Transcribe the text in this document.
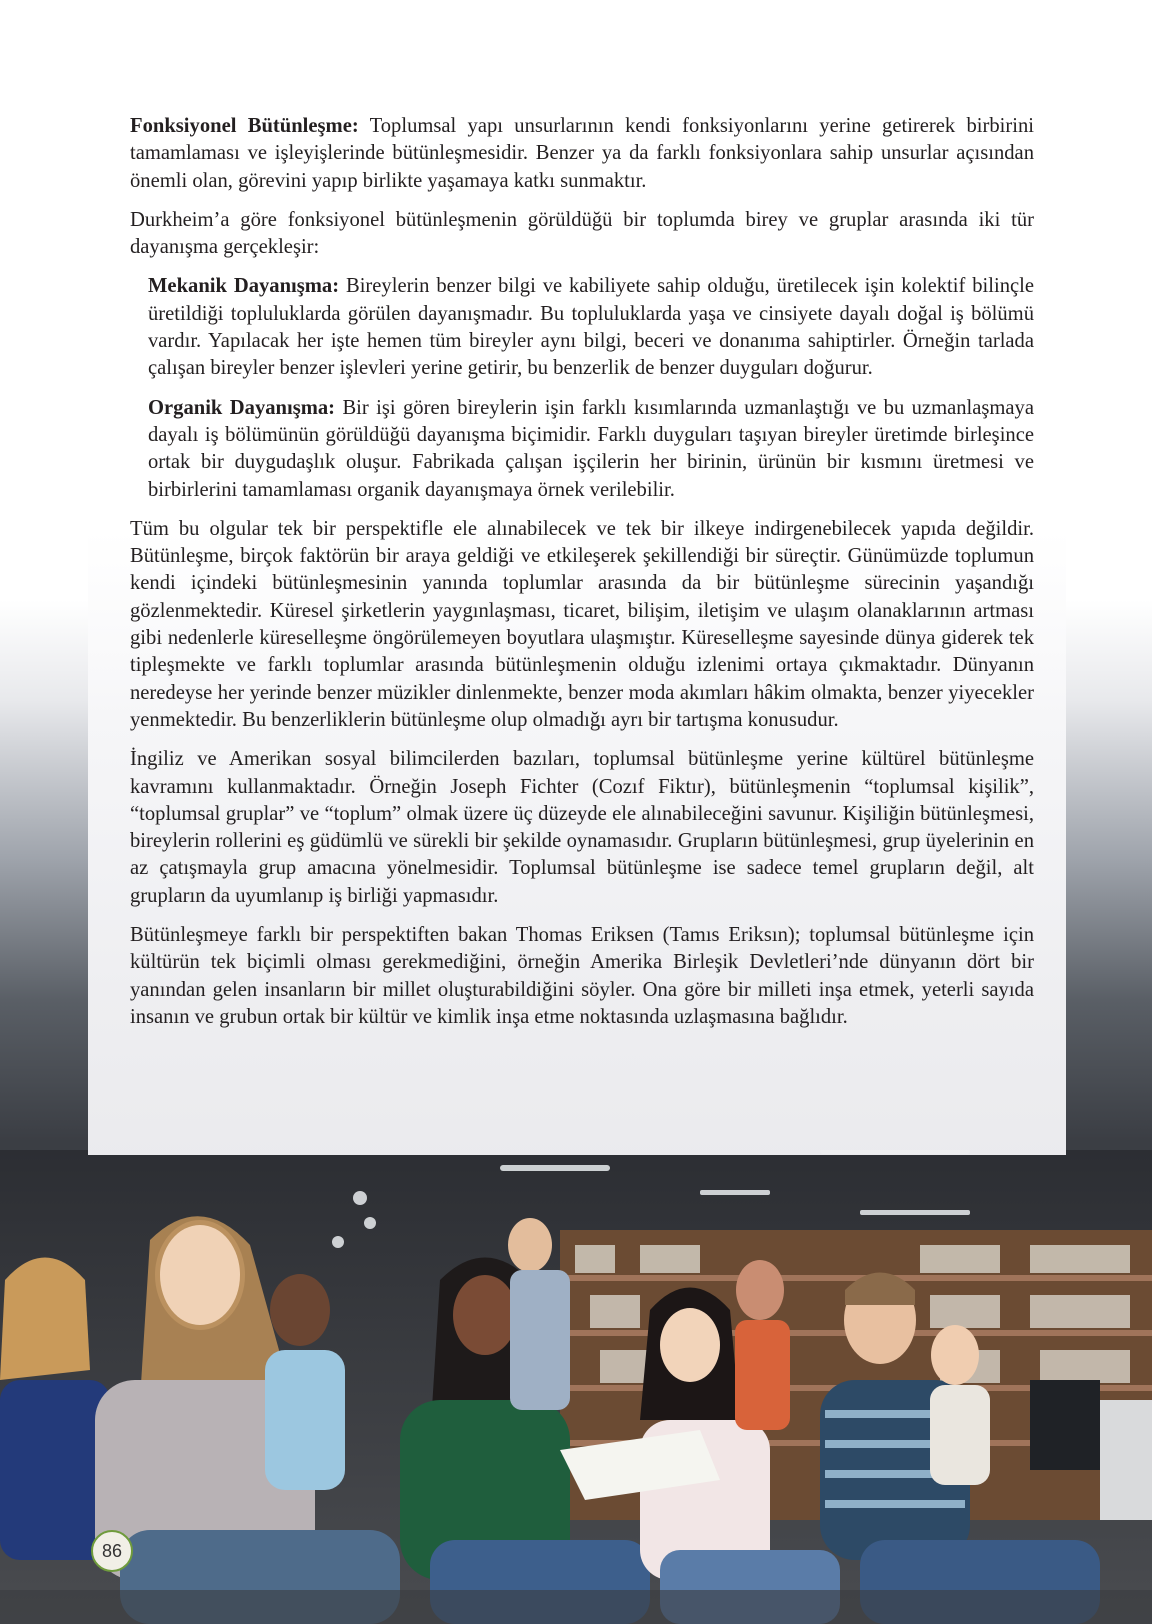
Fonksiyonel Bütünleşme: Toplumsal yapı unsurlarının kendi fonksiyonlarını yerine getirerek birbirini tamamlaması ve işleyişlerinde bütünleşmesidir. Benzer ya da farklı fonksiyonlara sahip unsurlar açısından önemli olan, görevini yapıp birlikte yaşamaya katkı sunmaktır.

Durkheim’a göre fonksiyonel bütünleşmenin görüldüğü bir toplumda birey ve gruplar arasında iki tür dayanışma gerçekleşir:

Mekanik Dayanışma: Bireylerin benzer bilgi ve kabiliyete sahip olduğu, üretilecek işin kolektif bilinçle üretildiği topluluklarda görülen dayanışmadır. Bu topluluklarda yaşa ve cinsiyete dayalı doğal iş bölümü vardır. Yapılacak her işte hemen tüm bireyler aynı bilgi, beceri ve donanıma sahiptirler. Örneğin tarlada çalışan bireyler benzer işlevleri yerine getirir, bu benzerlik de benzer duyguları doğurur.

Organik Dayanışma: Bir işi gören bireylerin işin farklı kısımlarında uzmanlaştığı ve bu uzmanlaşmaya dayalı iş bölümünün görüldüğü dayanışma biçimidir. Farklı duyguları taşıyan bireyler üretimde birleşince ortak bir duygudaşlık oluşur. Fabrikada çalışan işçilerin her birinin, ürünün bir kısmını üretmesi ve birbirlerini tamamlaması organik dayanışmaya örnek verilebilir.

Tüm bu olgular tek bir perspektifle ele alınabilecek ve tek bir ilkeye indirgenebilecek yapıda değildir. Bütünleşme, birçok faktörün bir araya geldiği ve etkileşerek şekillendiği bir süreçtir. Günümüzde toplumun kendi içindeki bütünleşmesinin yanında toplumlar arasında da bir bütünleşme sürecinin yaşandığı gözlenmektedir. Küresel şirketlerin yaygınlaşması, ticaret, bilişim, iletişim ve ulaşım olanaklarının artması gibi nedenlerle küreselleşme öngörülemeyen boyutlara ulaşmıştır. Küreselleşme sayesinde dünya giderek tek tipleşmekte ve farklı toplumlar arasında bütünleşmenin olduğu izlenimi ortaya çıkmaktadır. Dünyanın neredeyse her yerinde benzer müzikler dinlenmekte, benzer moda akımları hâkim olmakta, benzer yiyecekler yenmektedir. Bu benzerliklerin bütünleşme olup olmadığı ayrı bir tartışma konusudur.

İngiliz ve Amerikan sosyal bilimcilerden bazıları, toplumsal bütünleşme yerine kültürel bütünleşme kavramını kullanmaktadır. Örneğin Joseph Fichter (Cozıf Fiktır), bütünleşmenin “toplumsal kişilik”, “toplumsal gruplar” ve “toplum” olmak üzere üç düzeyde ele alınabileceğini savunur. Kişiliğin bütünleşmesi, bireylerin rollerini eş güdümlü ve sürekli bir şekilde oynamasıdır. Grupların bütünleşmesi, grup üyelerinin en az çatışmayla grup amacına yönelmesidir. Toplumsal bütünleşme ise sadece temel grupların değil, alt grupların da uyumlanıp iş birliği yapmasıdır.

Bütünleşmeye farklı bir perspektiften bakan Thomas Eriksen (Tamıs Eriksın); toplumsal bütünleşme için kültürün tek biçimli olması gerekmediğini, örneğin Amerika Birleşik Devletleri’nde dünyanın dört bir yanından gelen insanların bir millet oluşturabildiğini söyler. Ona göre bir milleti inşa etmek, yeterli sayıda insanın ve grubun ortak bir kültür ve kimlik inşa etme noktasında uzlaşmasına bağlıdır.

86
